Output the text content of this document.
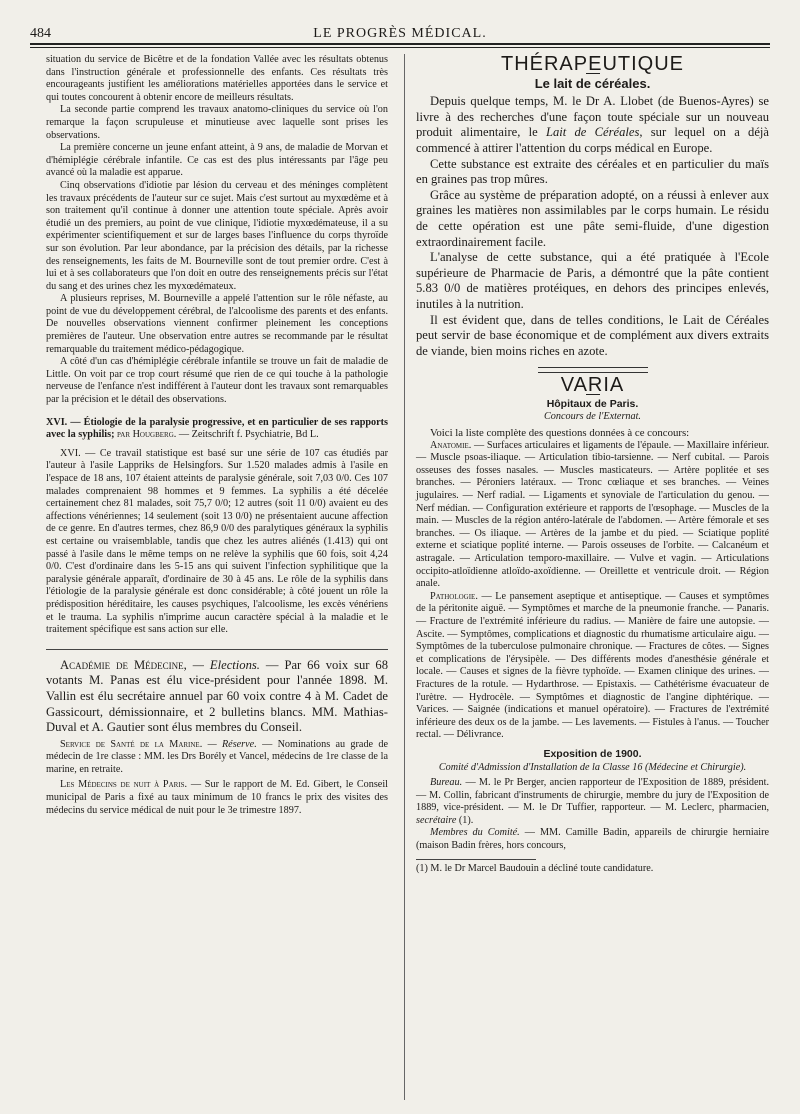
484	LE PROGRÈS MÉDICAL.

situation du service de Bicêtre et de la fondation Vallée avec les résultats obtenus dans l'instruction générale et professionnelle des enfants. Ces résultats très encourageants justifient les améliorations matérielles apportées dans le service et qui toutes concourent à obtenir encore de meilleurs résultats.

La seconde partie comprend les travaux anatomo-cliniques du service où l'on remarque la façon scrupuleuse et minutieuse avec laquelle sont prises les observations.

La première concerne un jeune enfant atteint, à 9 ans, de maladie de Morvan et d'hémiplégie cérébrale infantile. Ce cas est des plus intéressants par l'âge peu avancé où la maladie est apparue.

Cinq observations d'idiotie par lésion du cerveau et des méninges complètent les travaux précédents de l'auteur sur ce sujet. Mais c'est surtout au myxœdème et à son traitement qu'il continue à donner une attention toute spéciale. Après avoir étudié un des premiers, au point de vue clinique, l'idiotie myxœdémateuse, il a su expérimenter scientifiquement et sur de larges bases l'influence du corps thyroïde sur son évolution. Par leur abondance, par la précision des détails, par la richesse des renseignements, les faits de M. Bourneville sont de tout premier ordre. C'est à lui et à ses collaborateurs que l'on doit en outre des renseignements précis sur l'état du sang et des urines chez les myxœdémateux.

A plusieurs reprises, M. Bourneville a appelé l'attention sur le rôle néfaste, au point de vue du développement cérébral, de l'alcoolisme des parents et des enfants. De nouvelles observations viennent confirmer pleinement les conceptions premières de l'auteur. Une observation entre autres se recommande par le résultat remarquable du traitement médico-pédagogique.

A côté d'un cas d'hémiplégie cérébrale infantile se trouve un fait de maladie de Little. On voit par ce trop court résumé que rien de ce qui touche à la pathologie nerveuse de l'enfance n'est indifférent à l'auteur dont les travaux sont remarquables par la précision et le détail des observations.

XVI. — Étiologie de la paralysie progressive, et en particulier de ses rapports avec la syphilis; par Hougberg. — Zeitschrift f. Psychiatrie, Bd L.

XVI. — Ce travail statistique est basé sur une série de 107 cas étudiés par l'auteur à l'asile Lappriks de Helsingfors. Sur 1.520 malades admis à l'asile en l'espace de 18 ans, 107 étaient atteints de paralysie générale, soit 7,03 0/0. Ces 107 malades comprenaient 98 hommes et 9 femmes. La syphilis a été décelée certainement chez 81 malades, soit 75,7 0/0; 12 autres (soit 11 0/0) avaient eu des affections vénériennes; 14 seulement (soit 13 0/0) ne présentaient aucune affection de ce genre. En d'autres termes, chez 86,9 0/0 des paralytiques généraux la syphilis est certaine ou vraisemblable, tandis que chez les autres aliénés (1.413) qui ont passé à l'asile dans le même temps on ne relève la syphilis que 60 fois, soit 4,24 0/0. C'est d'ordinaire dans les 5-15 ans qui suivent l'infection syphilitique que la paralysie générale apparaît, d'ordinaire de 30 à 45 ans. Le rôle de la syphilis dans l'étiologie de la paralysie générale est donc considérable; à côté jouent un rôle la prédisposition héréditaire, les causes psychiques, l'alcoolisme, les excès vénériens et le trauma. La syphilis n'imprime aucun caractère spécial à la maladie et le traitement spécifique est sans action sur elle.

Académie de Médecine, — Elections. — Par 66 voix sur 68 votants M. Panas est élu vice-président pour l'année 1898. M. Vallin est élu secrétaire annuel par 60 voix contre 4 à M. Cadet de Gassicourt, démissionnaire, et 2 bulletins blancs. MM. Mathias-Duval et A. Gautier sont élus membres du Conseil.

Service de Santé de la Marine. — Réserve. — Nominations au grade de médecin de 1re classe : MM. les Drs Borély et Vancel, médecins de 1re classe de la marine, en retraite.

Les Médecins de nuit à Paris. — Sur le rapport de M. Ed. Gibert, le Conseil municipal de Paris a fixé au taux minimum de 10 francs le prix des visites des médecins du service médical de nuit pour le 3e trimestre 1897.

THÉRAPEUTIQUE
Le lait de céréales.

Depuis quelque temps, M. le Dr A. Llobet (de Buenos-Ayres) se livre à des recherches d'une façon toute spéciale sur un nouveau produit alimentaire, le Lait de Céréales, sur lequel on a déjà commencé à attirer l'attention du corps médical en Europe.

Cette substance est extraite des céréales et en particulier du maïs en graines pas trop mûres.

Grâce au système de préparation adopté, on a réussi à enlever aux graines les matières non assimilables par le corps humain. Le résidu de cette opération est une pâte semi-fluide, d'une digestion extraordinairement facile.

L'analyse de cette substance, qui a été pratiquée à l'Ecole supérieure de Pharmacie de Paris, a démontré que la pâte contient 5.83 0/0 de matières protéiques, en dehors des principes enlevés, inutiles à la nutrition.

Il est évident que, dans de telles conditions, le Lait de Céréales peut servir de base économique et de complément aux divers extraits de viande, bien moins riches en azote.

VARIA
Hôpitaux de Paris.
Concours de l'Externat.

Voici la liste complète des questions données à ce concours:

Anatomie. — Surfaces articulaires et ligaments de l'épaule. — Maxillaire inférieur. — Muscle psoas-iliaque. — Articulation tibio-tarsienne. — Nerf cubital. — Parois osseuses des fosses nasales. — Muscles masticateurs. — Artère poplitée et ses branches. — Péroniers latéraux. — Tronc cœliaque et ses branches. — Veines jugulaires. — Nerf radial. — Ligaments et synoviale de l'articulation du genou. — Nerf médian. — Configuration extérieure et rapports de l'œsophage. — Muscles de la main. — Muscles de la région antéro-latérale de l'abdomen. — Artère fémorale et ses branches. — Os iliaque. — Artères de la jambe et du pied. — Sciatique poplité externe et sciatique poplité interne. — Parois osseuses de l'orbite. — Calcanéum et astragale. — Articulation temporo-maxillaire. — Vulve et vagin. — Articulations occipito-atloïdienne atloïdo-axoïdienne. — Oreillette et ventricule droit. — Région anale.

Pathologie. — Le pansement aseptique et antiseptique. — Causes et symptômes de la péritonite aiguë. — Symptômes et marche de la pneumonie franche. — Panaris. — Fracture de l'extrémité inférieure du radius. — Manière de faire une autopsie. — Ascite. — Symptômes, complications et diagnostic du rhumatisme articulaire aigu. — Symptômes de la tuberculose pulmonaire chronique. — Fractures de côtes. — Signes et complications de l'érysipèle. — Des différents modes d'anesthésie générale et locale. — Causes et signes de la fièvre typhoïde. — Examen clinique des urines. — Fractures de la rotule. — Hydarthrose. — Epistaxis. — Cathétérisme évacuateur de l'urètre. — Hydrocèle. — Symptômes et diagnostic de l'angine diphtérique. — Varices. — Saignée (indications et manuel opératoire). — Fractures de l'extrémité inférieure des deux os de la jambe. — Les lavements. — Fistules à l'anus. — Toucher rectal. — Délivrance.

Exposition de 1900.
Comité d'Admission d'Installation de la Classe 16 (Médecine et Chirurgie).

Bureau. — M. le Pr Berger, ancien rapporteur de l'Exposition de 1889, président. — M. Collin, fabricant d'instruments de chirurgie, membre du jury de l'Exposition de 1889, vice-président. — M. le Dr Tuffier, rapporteur. — M. Leclerc, pharmacien, secrétaire (1).

Membres du Comité. — MM. Camille Badin, appareils de chirurgie herniaire (maison Badin frères, hors concours,

(1) M. le Dr Marcel Baudouin a décliné toute candidature.
